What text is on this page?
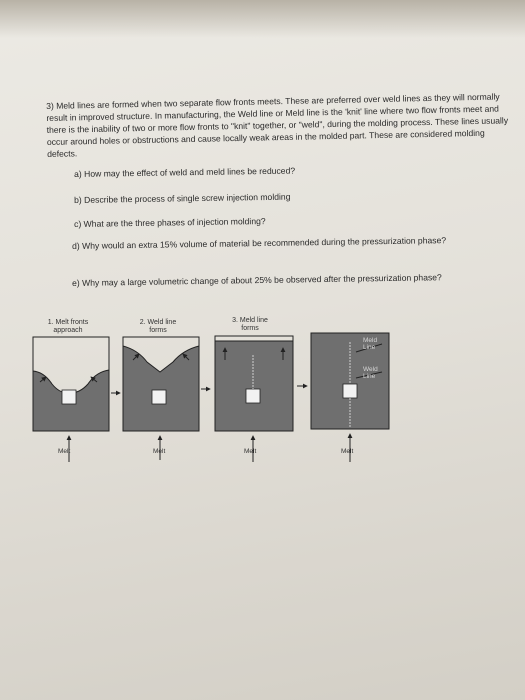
3) Meld lines are formed when two separate flow fronts meets. These are preferred over weld lines as they will normally result in improved structure. In manufacturing, the Weld line or Meld line is the 'knit' line where two flow fronts meet and there is the inability of two or more flow fronts to "knit" together, or "weld", during the molding process. These lines usually occur around holes or obstructions and cause locally weak areas in the molded part. These are considered molding defects.

a) How may the effect of weld and meld lines be reduced?
b) Describe the process of single screw injection molding
c) What are the three phases of injection molding?
d) Why would an extra 15% volume of material be recommended during the pressurization phase?
e) Why may a large volumetric change of about 25% be observed after the pressurization phase?
1. Melt fronts
approach
2. Weld line
forms
3. Meld line
forms
Meld Line
Weld Line
Melt	Melt	Melt	Melt
